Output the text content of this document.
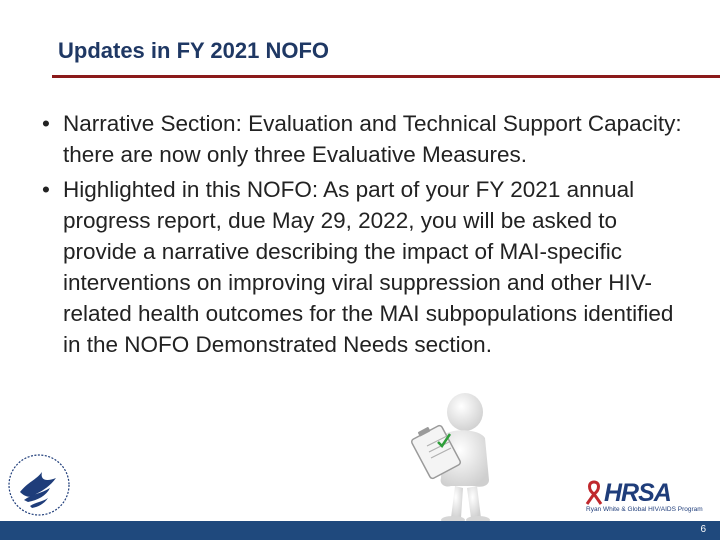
Updates in FY 2021 NOFO
• Narrative Section: Evaluation and Technical Support Capacity: there are now only three Evaluative Measures.
• Highlighted in this NOFO: As part of your FY 2021 annual progress report, due May 29, 2022, you will be asked to provide a narrative describing the impact of MAI-specific interventions on improving viral suppression and other HIV-related health outcomes for the MAI subpopulations identified in the NOFO Demonstrated Needs section.
HRSA
Ryan White & Global HIV/AIDS Program
6
